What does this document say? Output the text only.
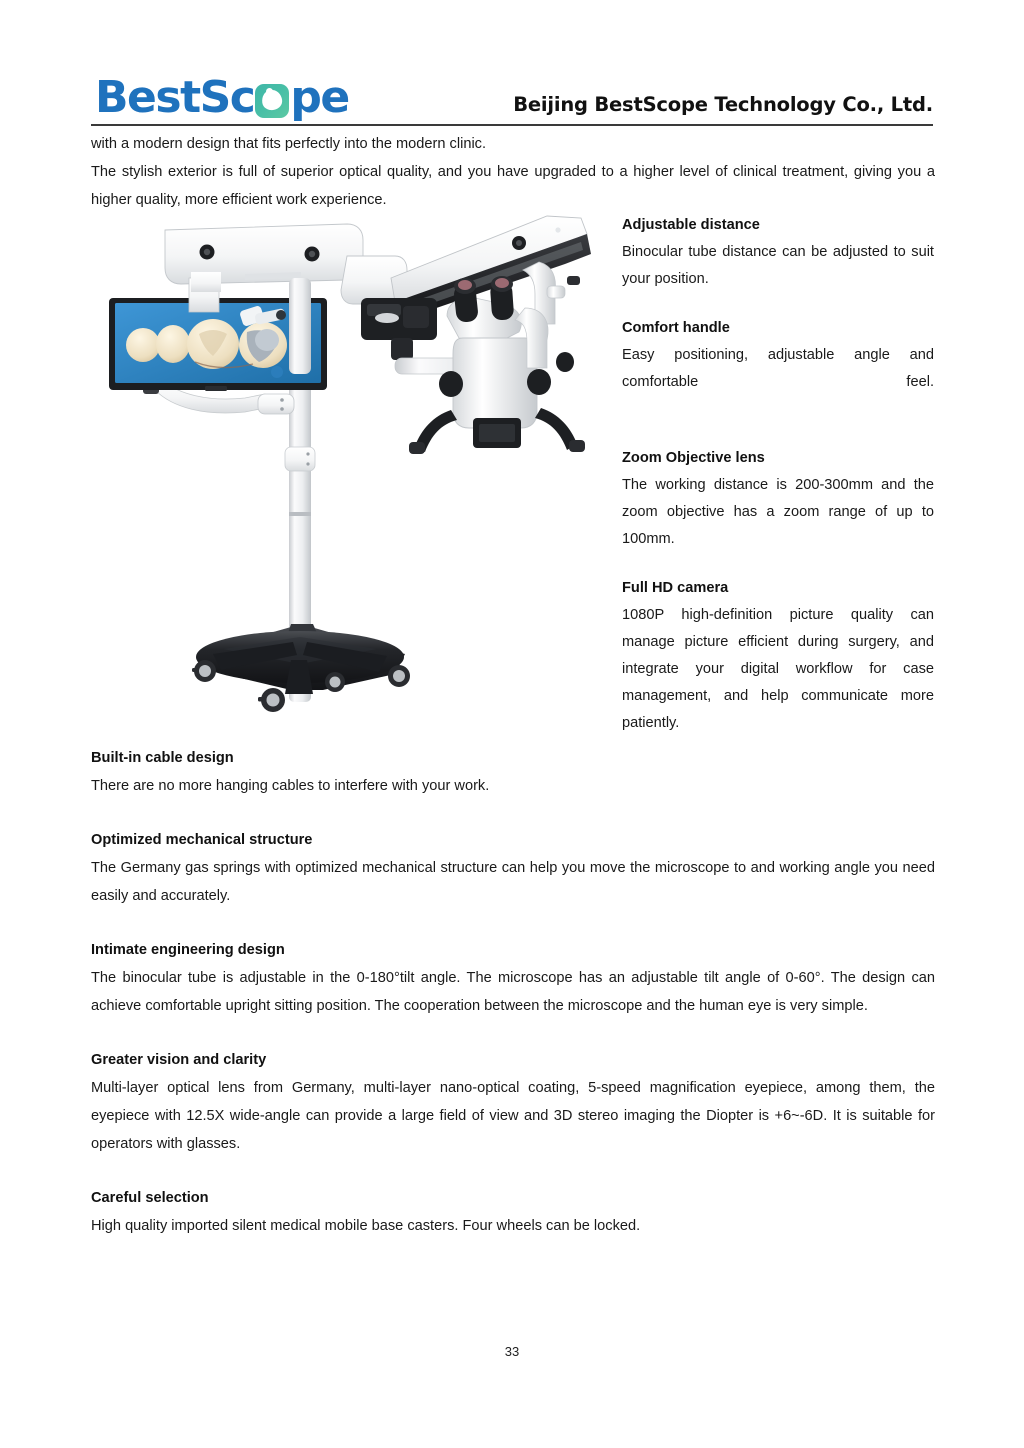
BestSc pe	Beijing BestScope Technology Co., Ltd.

with a modern design that fits perfectly into the modern clinic.

The stylish exterior is full of superior optical quality, and you have upgraded to a higher level of clinical treatment, giving you a higher quality, more efficient work experience.

Adjustable distance

Binocular tube distance can be adjusted to suit your position.

Comfort handle

Easy positioning, adjustable angle and comfortable feel.

Zoom Objective lens

The working distance is 200-300mm and the zoom objective has a zoom range of up to 100mm.

Full HD camera

1080P high-definition picture quality can manage picture efficient during surgery, and integrate your digital workflow for case management, and help communicate more patiently.

Built-in cable design

There are no more hanging cables to interfere with your work.

Optimized mechanical structure

The Germany gas springs with optimized mechanical structure can help you move the microscope to and working angle you need easily and accurately.

Intimate engineering design

The binocular tube is adjustable in the 0-180°tilt angle. The microscope has an adjustable tilt angle of 0-60°. The design can achieve comfortable upright sitting position. The cooperation between the microscope and the human eye is very simple.

Greater vision and clarity

Multi-layer optical lens from Germany, multi-layer nano-optical coating, 5-speed magnification eyepiece, among them, the eyepiece with 12.5X wide-angle can provide a large field of view and 3D stereo imaging the Diopter is +6~-6D. It is suitable for operators with glasses.

Careful selection

High quality imported silent medical mobile base casters. Four wheels can be locked.

33
